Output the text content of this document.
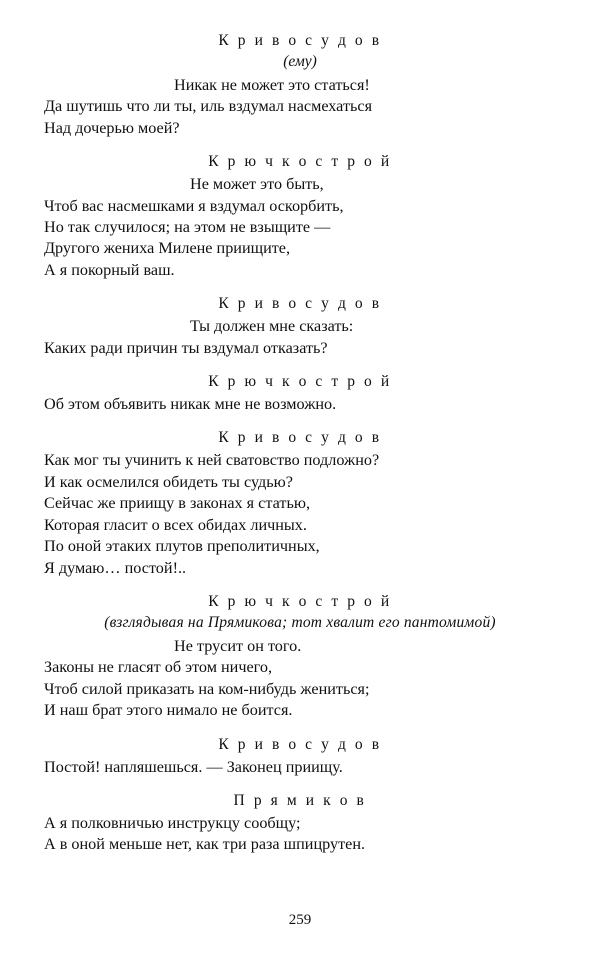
К р и в о с у д о в
(ему)
Никак не может это статься!
Да шутишь что ли ты, иль вздумал насмехаться
Над дочерью моей?
К р ю ч к о с т р о й
Не может это быть,
Чтоб вас насмешками я вздумал оскорбить,
Но так случилося; на этом не взыщите —
Другого жениха Милене приищите,
А я покорный ваш.
К р и в о с у д о в
Ты должен мне сказать:
Каких ради причин ты вздумал отказать?
К р ю ч к о с т р о й
Об этом объявить никак мне не возможно.
К р и в о с у д о в
Как мог ты учинить к ней сватовство подложно?
И как осмелился обидеть ты судью?
Сейчас же приищу в законах я статью,
Которая гласит о всех обидах личных.
По оной этаких плутов преполитичных,
Я думаю… постой!..
К р ю ч к о с т р о й
(взглядывая на Прямикова; тот хвалит его пантомимой)
Не трусит он того.
Законы не гласят об этом ничего,
Чтоб силой приказать на ком-нибудь жениться;
И наш брат этого нимало не боится.
К р и в о с у д о в
Постой! напляшешься. — Законец приищу.
П р я м и к о в
А я полковничью инструкцу сообщу;
А в оной меньше нет, как три раза шпицрутен.
259
